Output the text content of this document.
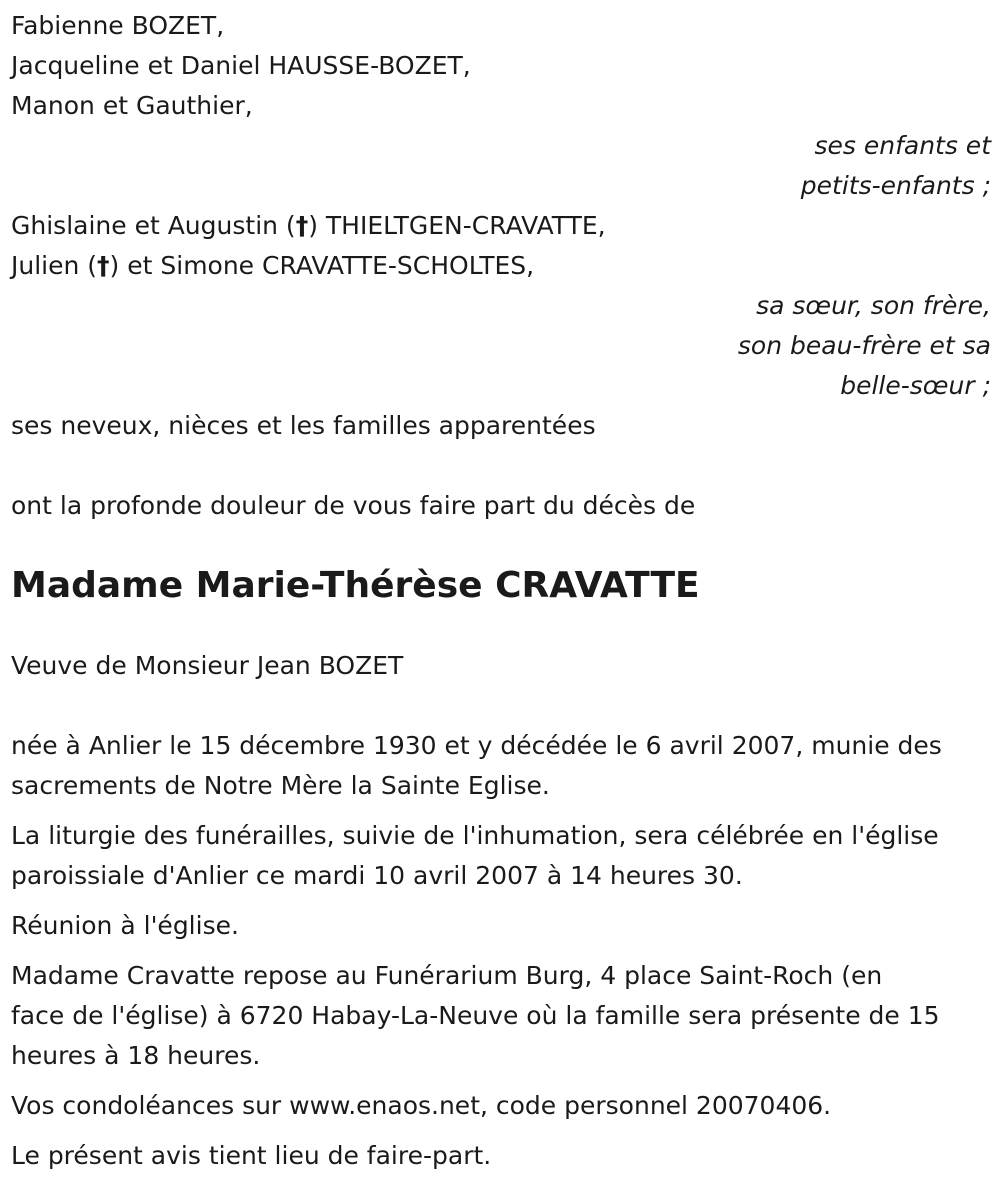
Fabienne BOZET,
Jacqueline et Daniel HAUSSE-BOZET,
Manon et Gauthier,
ses enfants et
petits-enfants ;
Ghislaine et Augustin (†) THIELTGEN-CRAVATTE,
Julien (†) et Simone CRAVATTE-SCHOLTES,
sa sœur, son frère,
son beau-frère et sa
belle-sœur ;
ses neveux, nièces et les familles apparentées
ont la profonde douleur de vous faire part du décès de
Madame Marie-Thérèse CRAVATTE
Veuve de Monsieur Jean BOZET
née à Anlier le 15 décembre 1930 et y décédée le 6 avril 2007, munie des
sacrements de Notre Mère la Sainte Eglise.
La liturgie des funérailles, suivie de l'inhumation, sera célébrée en l'église
paroissiale d'Anlier ce mardi 10 avril 2007 à 14 heures 30.
Réunion à l'église.
Madame Cravatte repose au Funérarium Burg, 4 place Saint-Roch (en
face de l'église) à 6720 Habay-La-Neuve où la famille sera présente de 15
heures à 18 heures.
Vos condoléances sur www.enaos.net, code personnel 20070406.
Le présent avis tient lieu de faire-part.
